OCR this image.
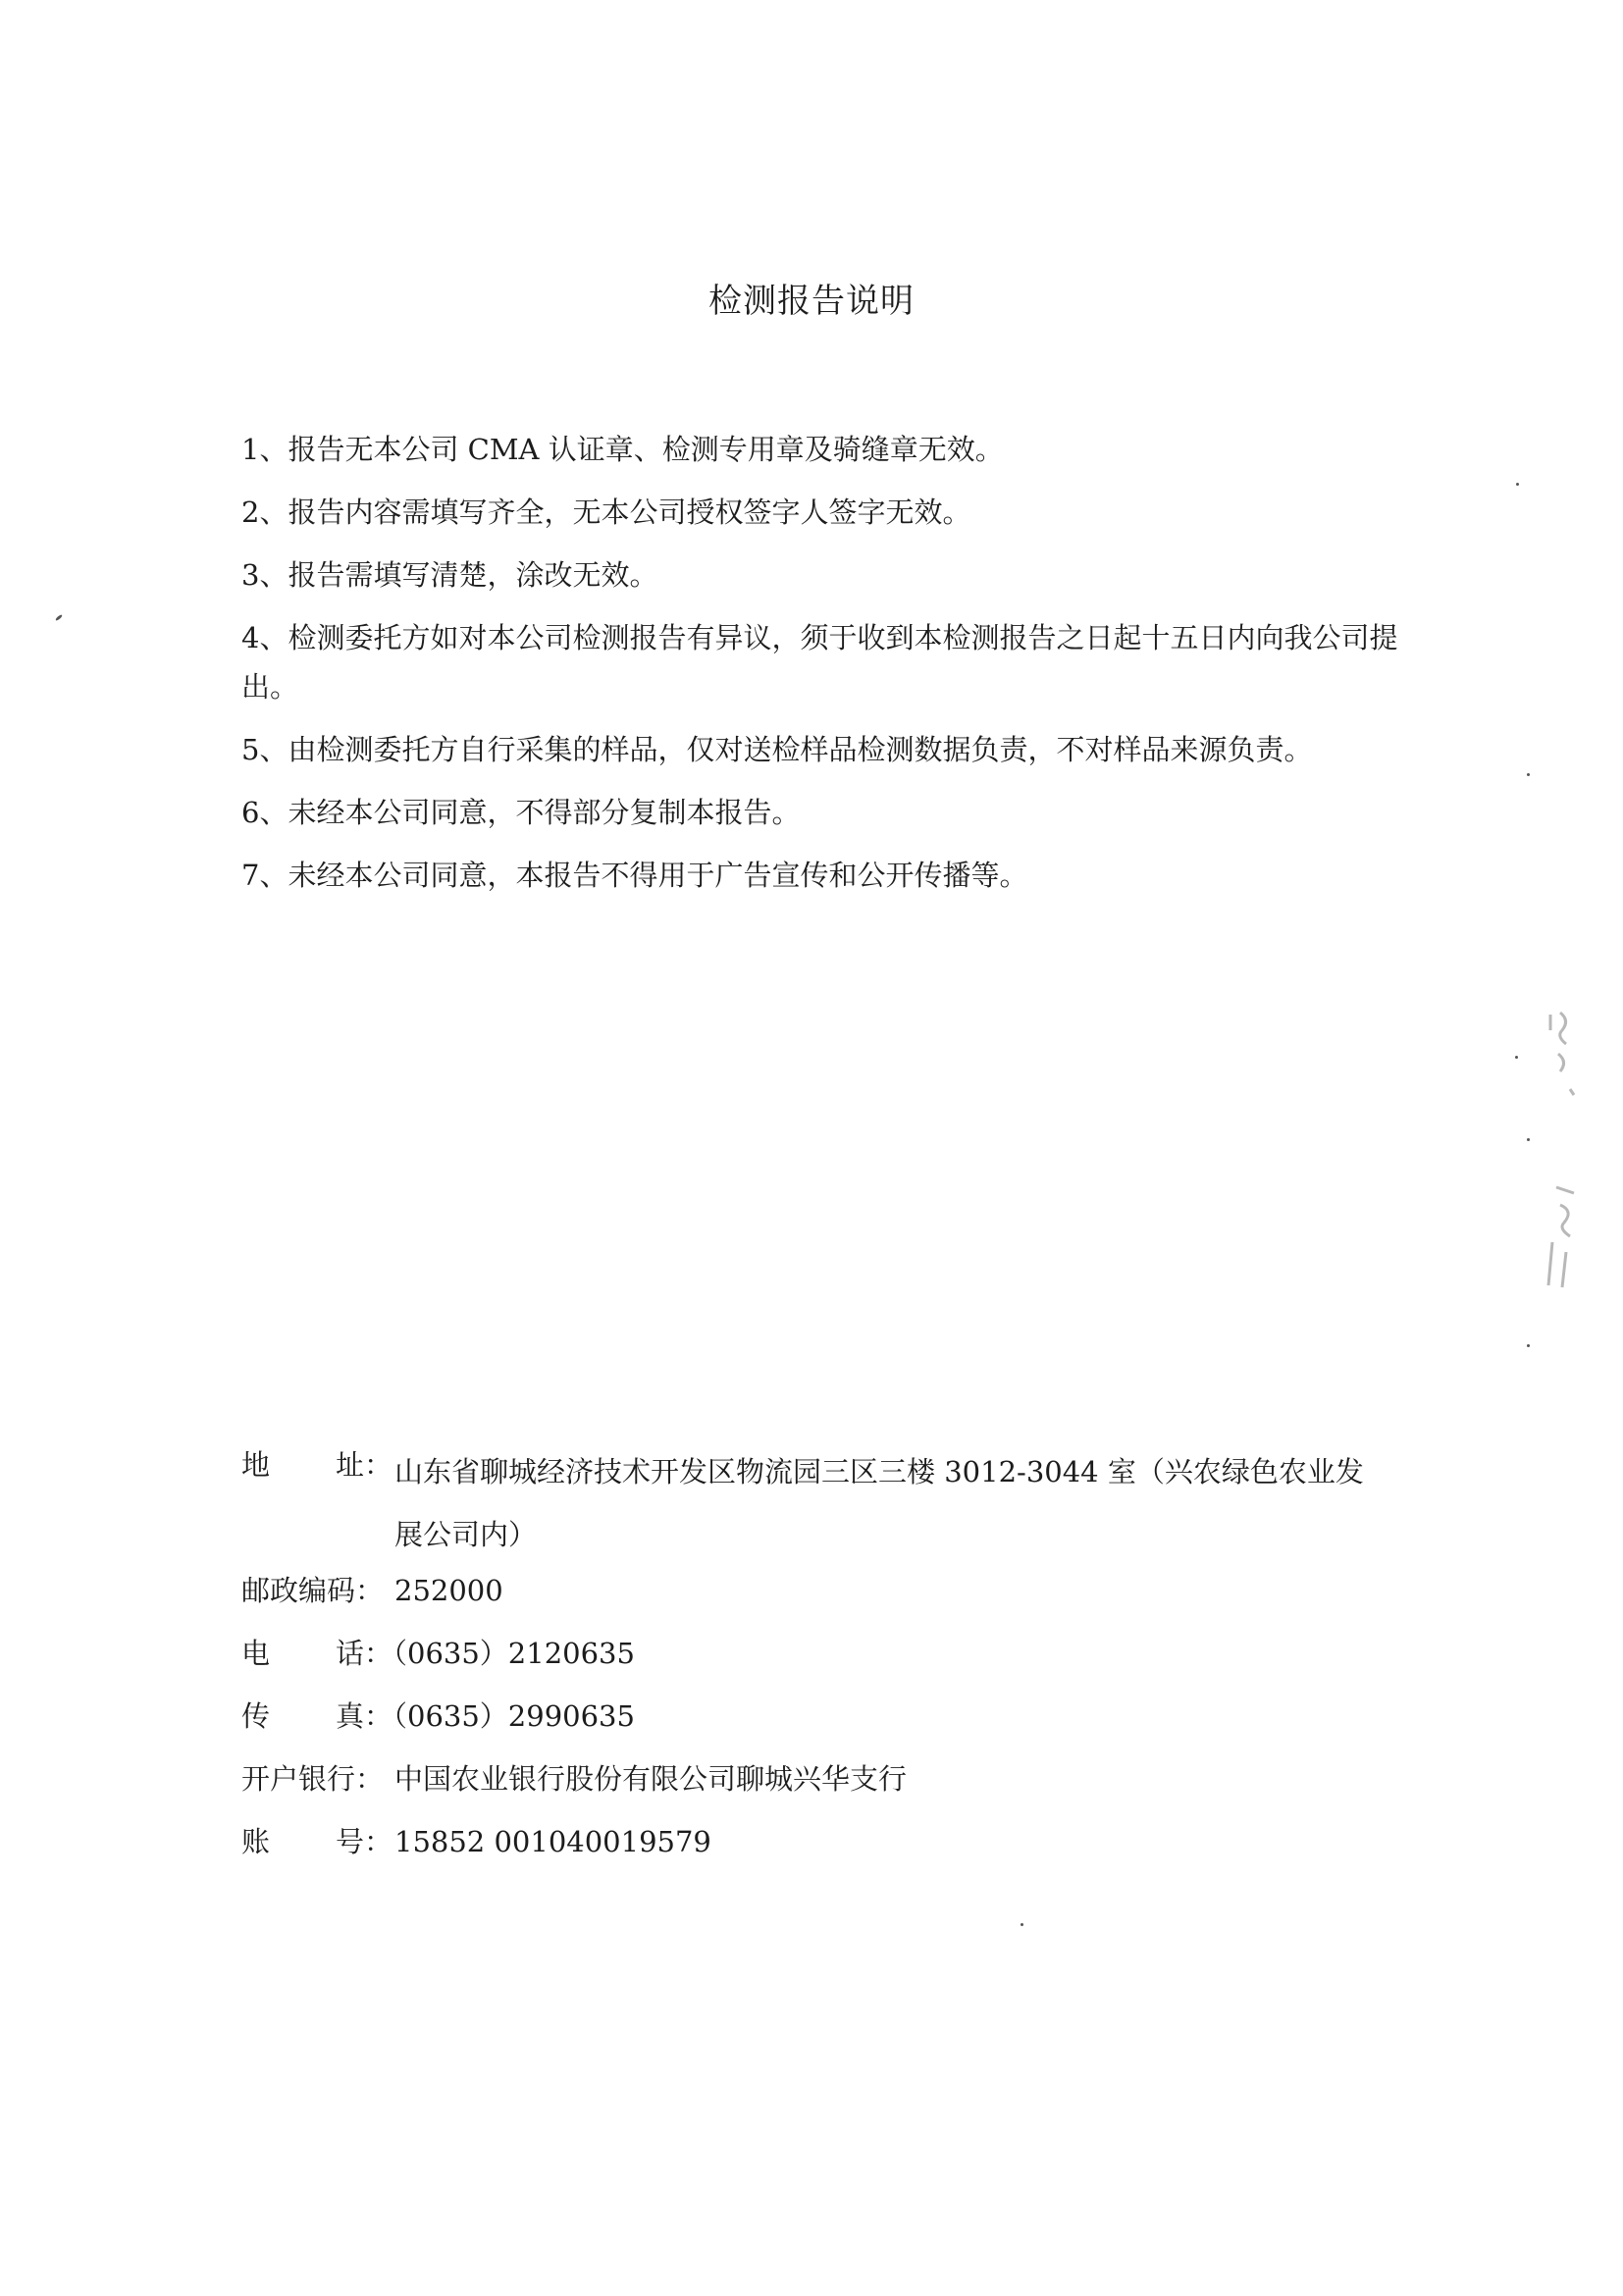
检测报告说明

1、报告无本公司 CMA 认证章、检测专用章及骑缝章无效。

2、报告内容需填写齐全，无本公司授权签字人签字无效。

3、报告需填写清楚，涂改无效。

4、检测委托方如对本公司检测报告有异议，须于收到本检测报告之日起十五日内向我公司提出。

5、由检测委托方自行采集的样品，仅对送检样品检测数据负责，不对样品来源负责。

6、未经本公司同意，不得部分复制本报告。

7、未经本公司同意，本报告不得用于广告宣传和公开传播等。

地 址： 山东省聊城经济技术开发区物流园三区三楼 3012-3044 室（兴农绿色农业发
展公司内）
邮政编码： 252000
电 话：
（0635）2120635
传 真：
（0635）2990635
开户银行： 中国农业银行股份有限公司聊城兴华支行
账 号： 15852 001040019579
